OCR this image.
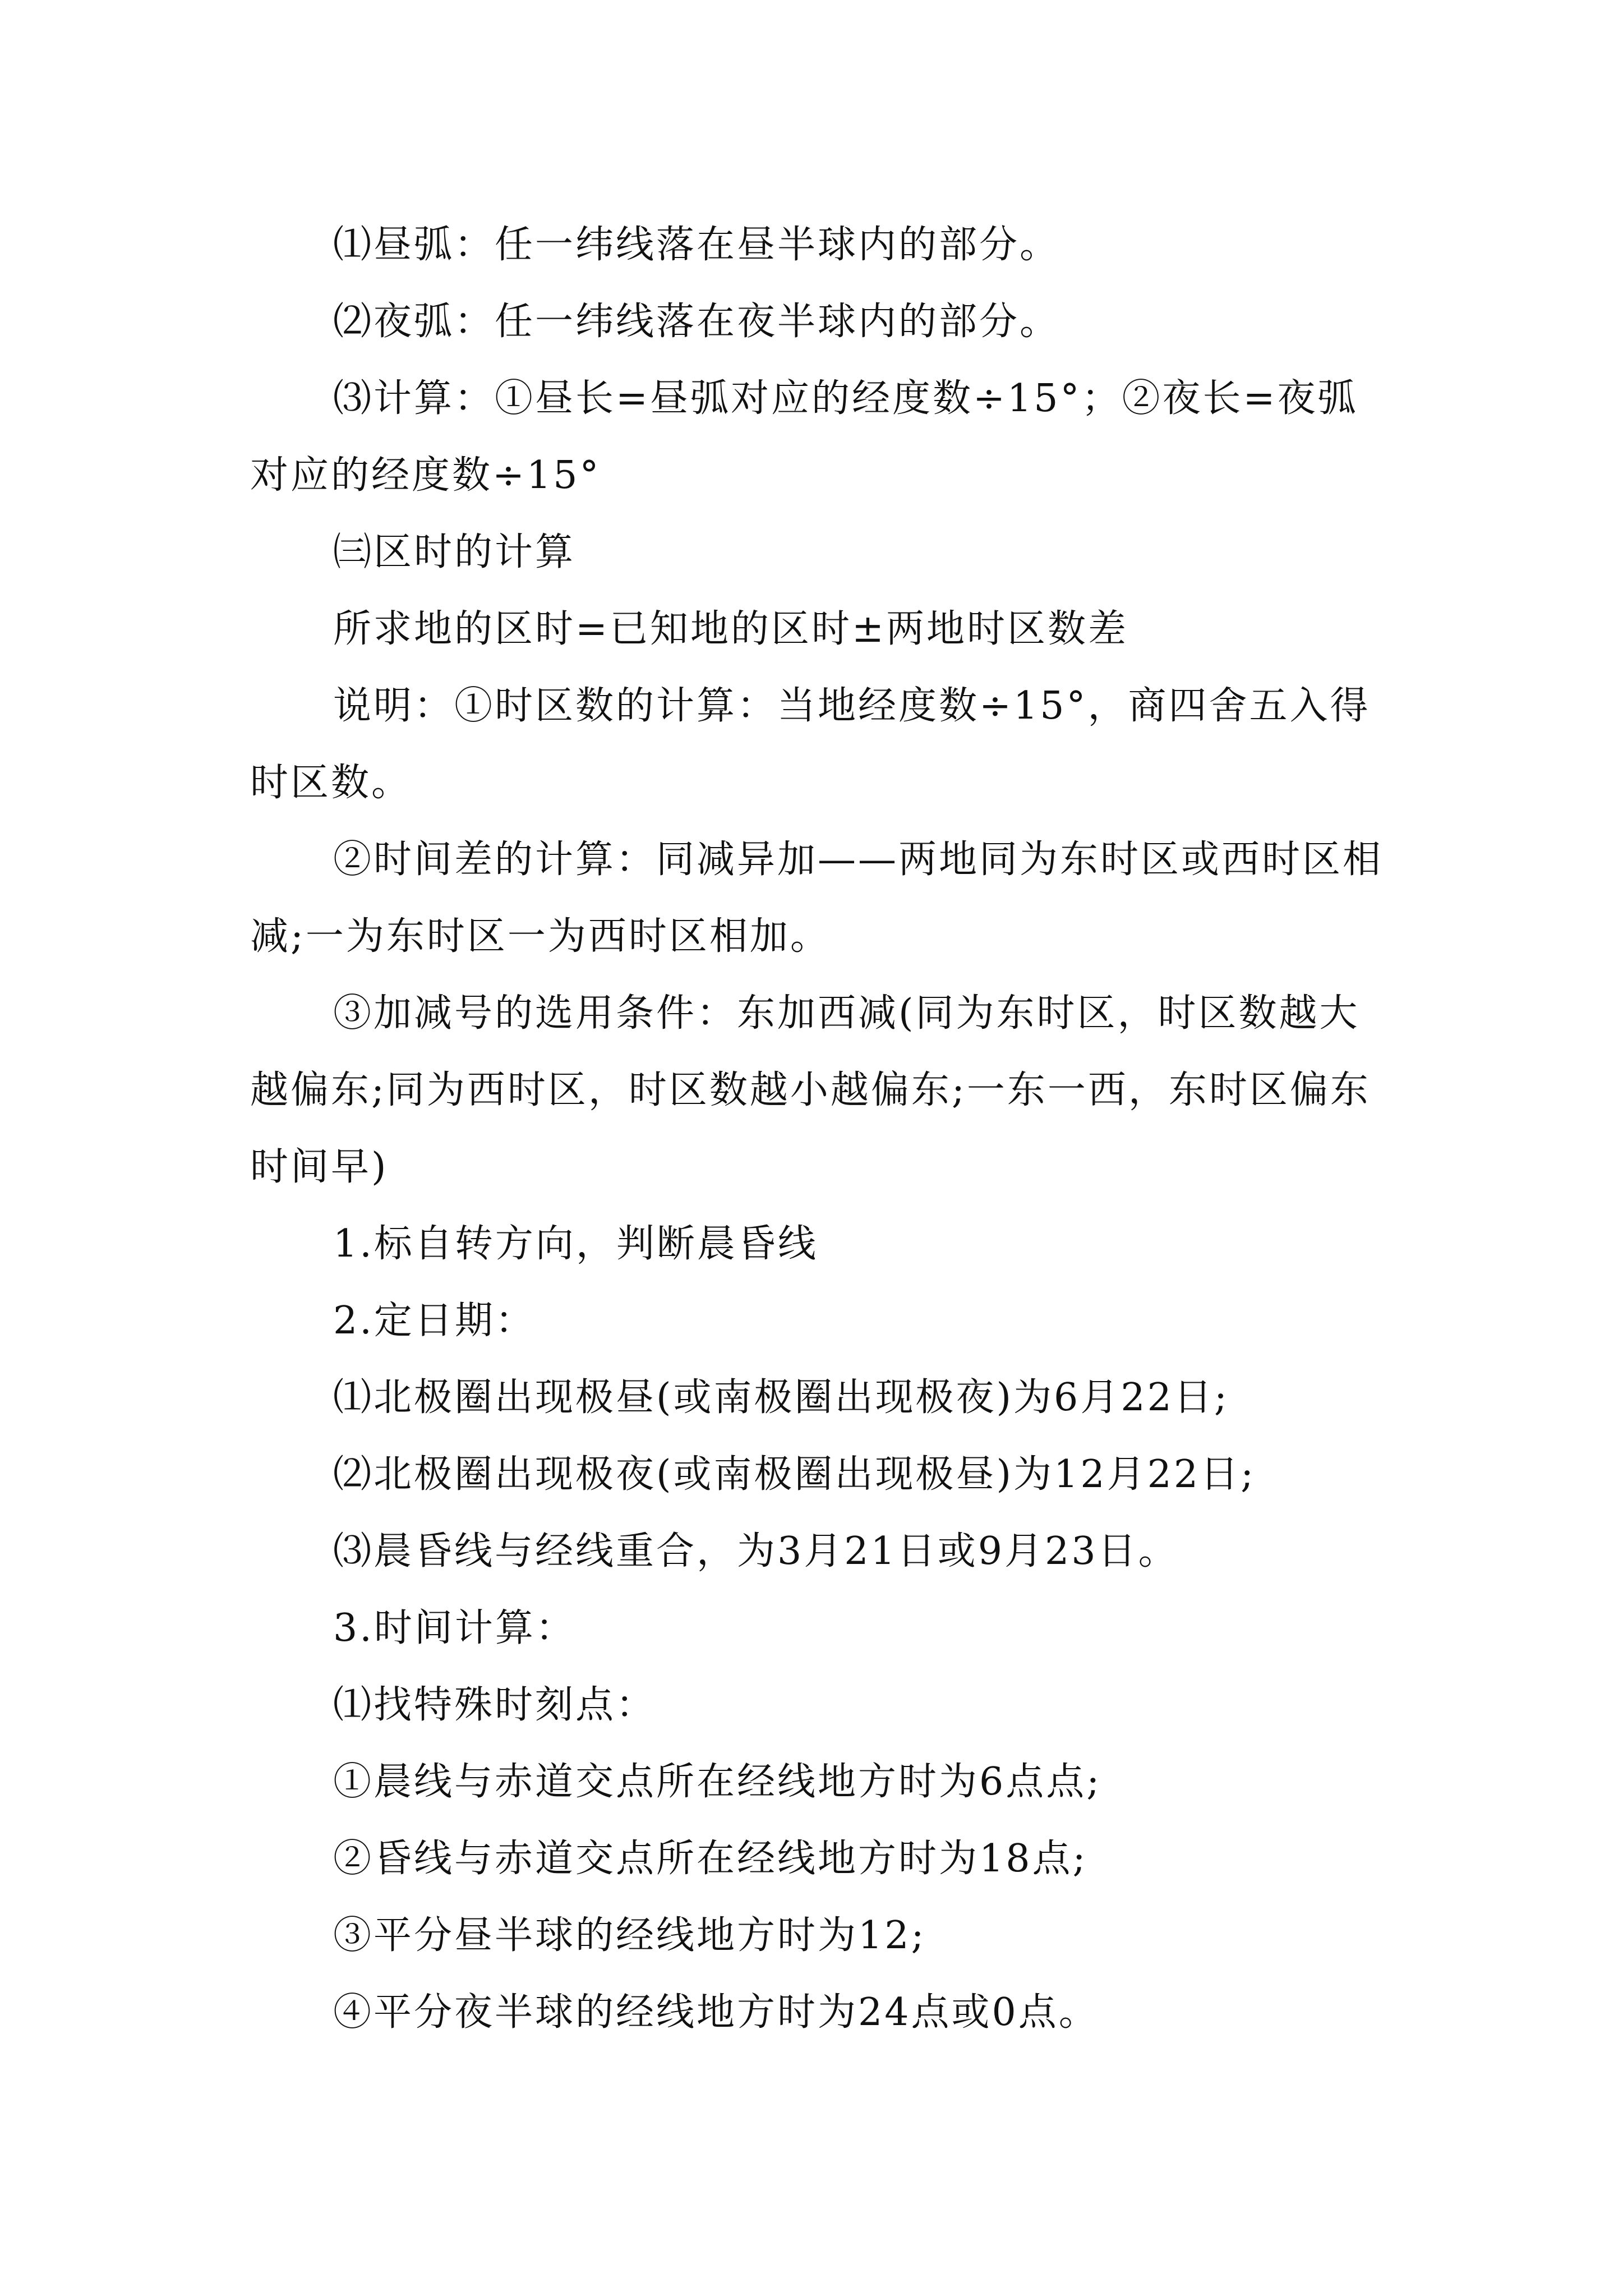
⑴昼弧：任一纬线落在昼半球内的部分。

⑵夜弧：任一纬线落在夜半球内的部分。

⑶计算：①昼长=昼弧对应的经度数÷15°；②夜长=夜弧对应的经度数÷15°

㈢区时的计算

所求地的区时=已知地的区时±两地时区数差

说明：①时区数的计算：当地经度数÷15°，商四舍五入得时区数。

②时间差的计算：同减异加——两地同为东时区或西时区相减;一为东时区一为西时区相加。

③加减号的选用条件：东加西减(同为东时区，时区数越大越偏东;同为西时区，时区数越小越偏东;一东一西，东时区偏东时间早)

1.标自转方向，判断晨昏线

2.定日期：

⑴北极圈出现极昼(或南极圈出现极夜)为6月22日;

⑵北极圈出现极夜(或南极圈出现极昼)为12月22日;

⑶晨昏线与经线重合，为3月21日或9月23日。

3.时间计算：

⑴找特殊时刻点：

①晨线与赤道交点所在经线地方时为6点点;

②昏线与赤道交点所在经线地方时为18点;

③平分昼半球的经线地方时为12;

④平分夜半球的经线地方时为24点或0点。
